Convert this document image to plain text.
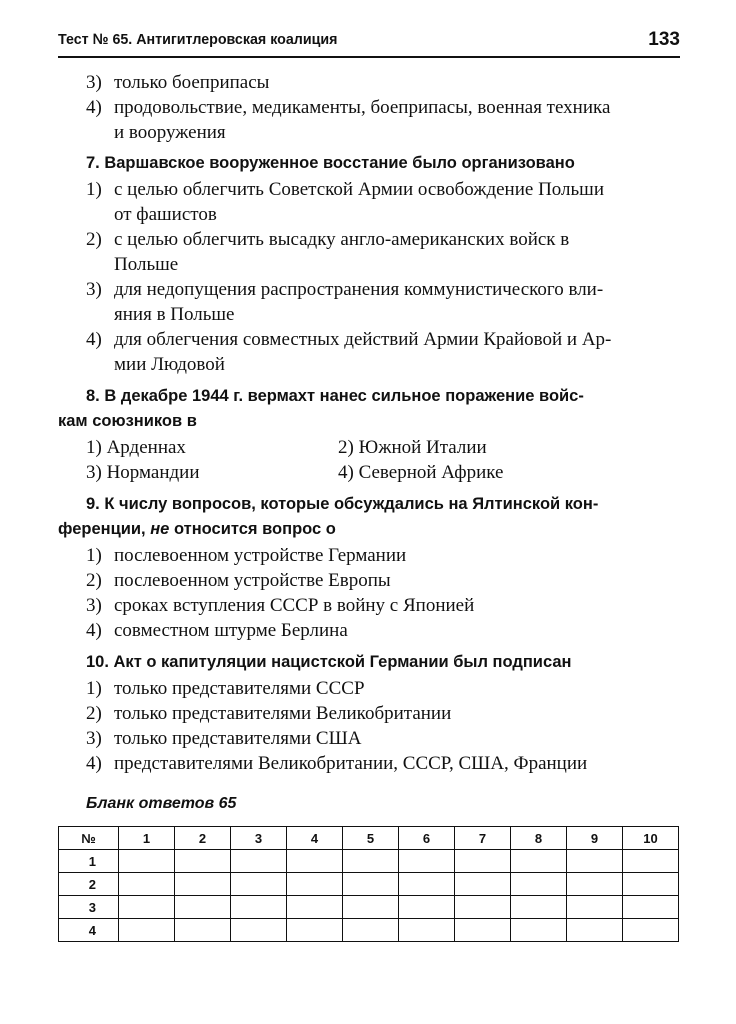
Тест № 65. Антигитлеровская коалиция	133
3) только боеприпасы
4) продовольствие, медикаменты, боеприпасы, военная техника
и вооружения
7. Варшавское вооруженное восстание было организовано
1) с целью облегчить Советской Армии освобождение Польши
от фашистов
2) с целью облегчить высадку англо-американских войск в
Польше
3) для недопущения распространения коммунистического вли-
яния в Польше
4) для облегчения совместных действий Армии Крайовой и Ар-
мии Людовой
8. В декабре 1944 г. вермахт нанес сильное поражение войс-
кам союзников в
1) Арденнах	2) Южной Италии
3) Нормандии	4) Северной Африке
9. К числу вопросов, которые обсуждались на Ялтинской кон-
ференции, не относится вопрос о
1) послевоенном устройстве Германии
2) послевоенном устройстве Европы
3) сроках вступления СССР в войну с Японией
4) совместном штурме Берлина
10. Акт о капитуляции нацистской Германии был подписан
1) только представителями СССР
2) только представителями Великобритании
3) только представителями США
4) представителями Великобритании, СССР, США, Франции
Бланк ответов 65
№	1	2	3	4	5	6	7	8	9	10
1										
2										
3										
4										
